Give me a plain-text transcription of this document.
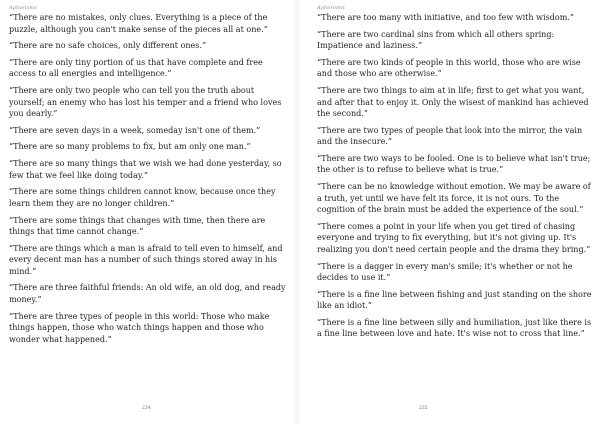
Aphorisms
“There are no mistakes, only clues. Everything is a piece of the puzzle, although you can't make sense of the pieces all at one.”
“There are no safe choices, only different ones.”
“There are only tiny portion of us that have complete and free access to all energies and intelligence.”
“There are only two people who can tell you the truth about yourself; an enemy who has lost his temper and a friend who loves you dearly.”
“There are seven days in a week, someday isn't one of them.”
“There are so many problems to fix, but am only one man.”
“There are so many things that we wish we had done yesterday, so few that we feel like doing today.”
“There are some things children cannot know, because once they learn them they are no longer children.”
“There are some things that changes with time, then there are things that time cannot change.”
“There are things which a man is afraid to tell even to himself, and every decent man has a number of such things stored away in his mind.”
“There are three faithful friends: An old wife, an old dog, and ready money.”
“There are three types of people in this world: Those who make things happen, those who watch things happen and those who wonder what happened.”
234
Aphorisms
“There are too many with initiative, and too few with wisdom.”
“There are two cardinal sins from which all others spring: Impatience and laziness.”
“There are two kinds of people in this world, those who are wise and those who are otherwise.”
“There are two things to aim at in life; first to get what you want, and after that to enjoy it. Only the wisest of mankind has achieved the second.”
“There are two types of people that look into the mirror, the vain and the insecure.”
“There are two ways to be fooled. One is to believe what isn't true; the other is to refuse to believe what is true.”
“There can be no knowledge without emotion. We may be aware of a truth, yet until we have felt its force, it is not ours. To the cognition of the brain must be added the experience of the soul.”
“There comes a point in your life when you get tired of chasing everyone and trying to fix everything, but it's not giving up. It's realizing you don't need certain people and the drama they bring.”
“There is a dagger in every man's smile; it's whether or not he decides to use it.”
“There is a fine line between fishing and just standing on the shore like an idiot.”
“There is a fine line between silly and humiliation, just like there is a fine line between love and hate. It's wise not to cross that line.”
235
